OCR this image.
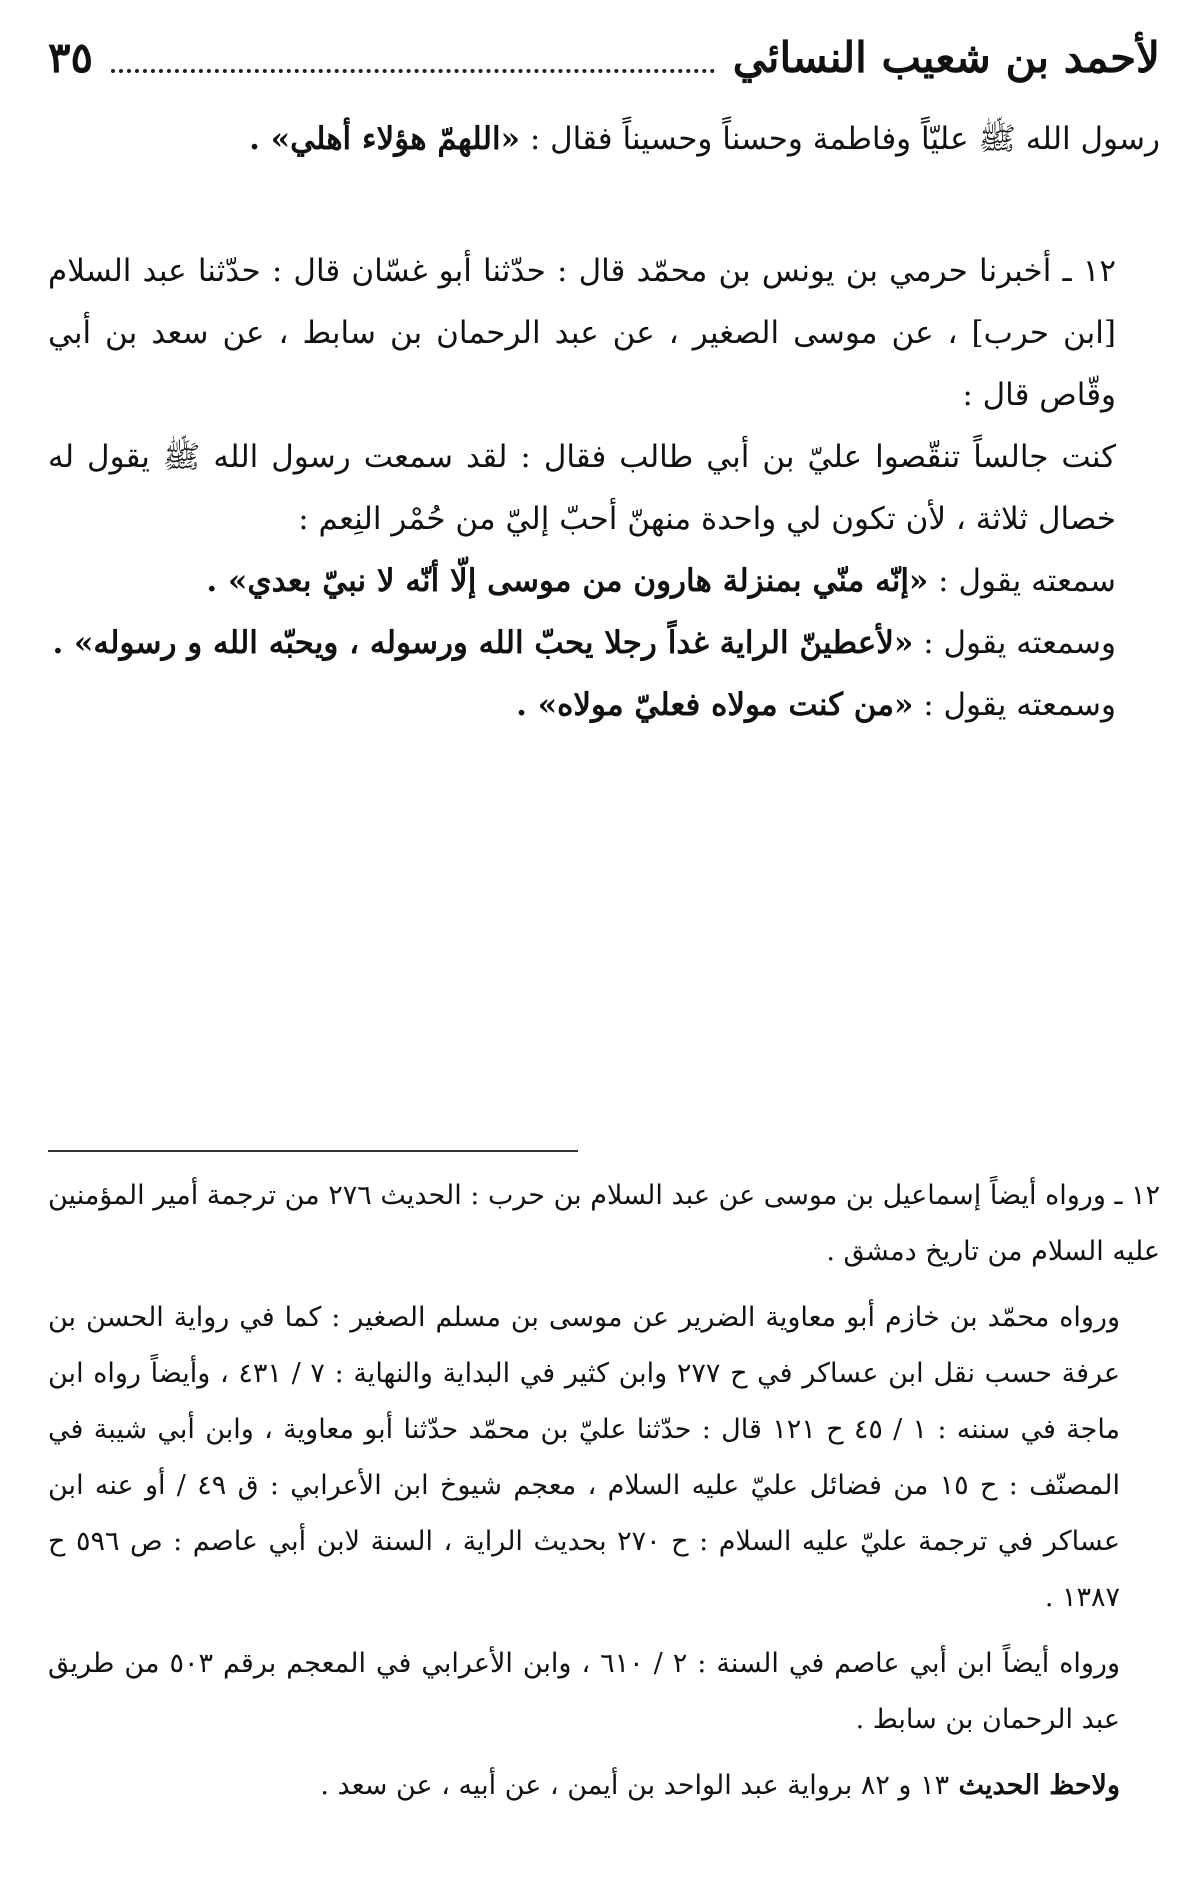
لأحمد بن شعيب النسائي
٣٥

رسول الله ﷺ عليّاً وفاطمة وحسناً وحسيناً فقال : «اللهمّ هؤلاء أهلي» .

١٢ ـ أخبرنا حرمي بن يونس بن محمّد قال : حدّثنا أبو غسّان قال : حدّثنا عبد السلام [ابن حرب] ، عن موسى الصغير ، عن عبد الرحمان بن سابط ، عن سعد بن أبي وقّاص قال :

كنت جالساً تنقّصوا عليّ بن أبي طالب فقال : لقد سمعت رسول الله ﷺ يقول له خصال ثلاثة ، لأن تكون لي واحدة منهنّ أحبّ إليّ من حُمْر النِعم :

سمعته يقول : «إنّه منّي بمنزلة هارون من موسى إلّا أنّه لا نبيّ بعدي» .

وسمعته يقول : «لأعطينّ الراية غداً رجلا يحبّ الله ورسوله ، ويحبّه الله و رسوله» .

وسمعته يقول : «من كنت مولاه فعليّ مولاه» .

١٢ ـ ورواه أيضاً إسماعيل بن موسى عن عبد السلام بن حرب : الحديث ٢٧٦ من ترجمة أمير المؤمنين عليه السلام من تاريخ دمشق .

ورواه محمّد بن خازم أبو معاوية الضرير عن موسى بن مسلم الصغير : كما في رواية الحسن بن عرفة حسب نقل ابن عساكر في ح ٢٧٧ وابن كثير في البداية والنهاية : ٧ / ٤٣١ ، وأيضاً رواه ابن ماجة في سننه : ١ / ٤٥ ح ١٢١ قال : حدّثنا عليّ بن محمّد حدّثنا أبو معاوية ، وابن أبي شيبة في المصنّف : ح ١٥ من فضائل عليّ عليه السلام ، معجم شيوخ ابن الأعرابي : ق ٤٩ / أو عنه ابن عساكر في ترجمة عليّ عليه السلام : ح ٢٧٠ بحديث الراية ، السنة لابن أبي عاصم : ص ٥٩٦ ح ١٣٨٧ .

ورواه أيضاً ابن أبي عاصم في السنة : ٢ / ٦١٠ ، وابن الأعرابي في المعجم برقم ٥٠٣ من طريق عبد الرحمان بن سابط .

ولاحظ الحديث ١٣ و ٨٢ برواية عبد الواحد بن أيمن ، عن أبيه ، عن سعد .
